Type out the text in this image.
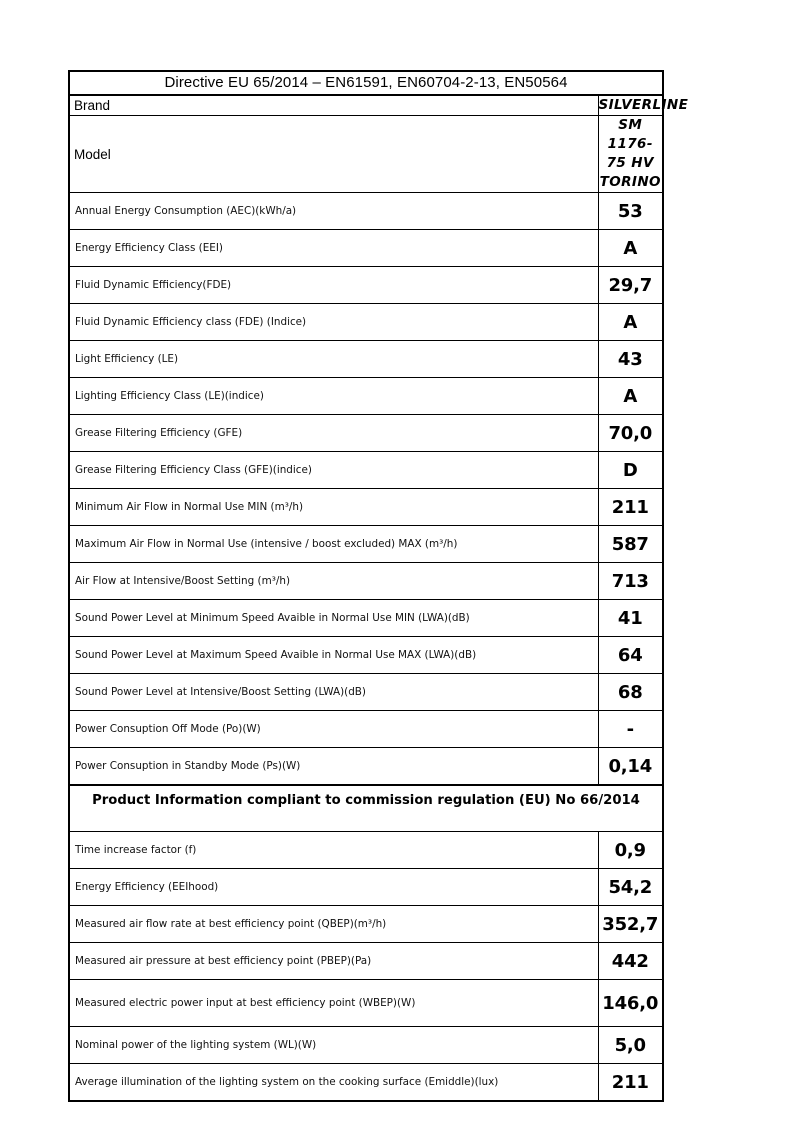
Directive EU 65/2014 – EN61591, EN60704-2-13, EN50564	
Brand	SILVERLINE
Model	SM 1176-75 HV TORINO
Annual Energy Consumption (AEC)(kWh/a)	53
Energy Efficiency Class (EEI)	A
Fluid Dynamic Efficiency(FDE)	29,7
Fluid Dynamic Efficiency class (FDE) (Indice)	A
Light Efficiency (LE)	43
Lighting Efficiency Class (LE)(indice)	A
Grease Filtering Efficiency (GFE)	70,0
Grease Filtering Efficiency Class (GFE)(indice)	D
Minimum Air Flow in Normal Use MIN (m³/h)	211
Maximum Air Flow in Normal Use (intensive / boost excluded) MAX (m³/h)	587
Air Flow at Intensive/Boost Setting (m³/h)	713
Sound Power Level at Minimum Speed Avaible in Normal Use MIN (LWA)(dB)	41
Sound Power Level at Maximum Speed Avaible in Normal Use MAX (LWA)(dB)	64
Sound Power Level at Intensive/Boost Setting (LWA)(dB)	68
Power Consuption Off Mode (Po)(W)	-
Power Consuption in Standby Mode (Ps)(W)	0,14
Product Information compliant to commission regulation (EU) No 66/2014	
Time increase factor (f)	0,9
Energy Efficiency (EEIhood)	54,2
Measured air flow rate at best efficiency point (QBEP)(m³/h)	352,7
Measured air pressure at best efficiency point (PBEP)(Pa)	442
Measured electric power input at best efficiency point (WBEP)(W)	146,0
Nominal power of the lighting system (WL)(W)	5,0
Average illumination of the lighting system on the cooking surface (Emiddle)(lux)	211
